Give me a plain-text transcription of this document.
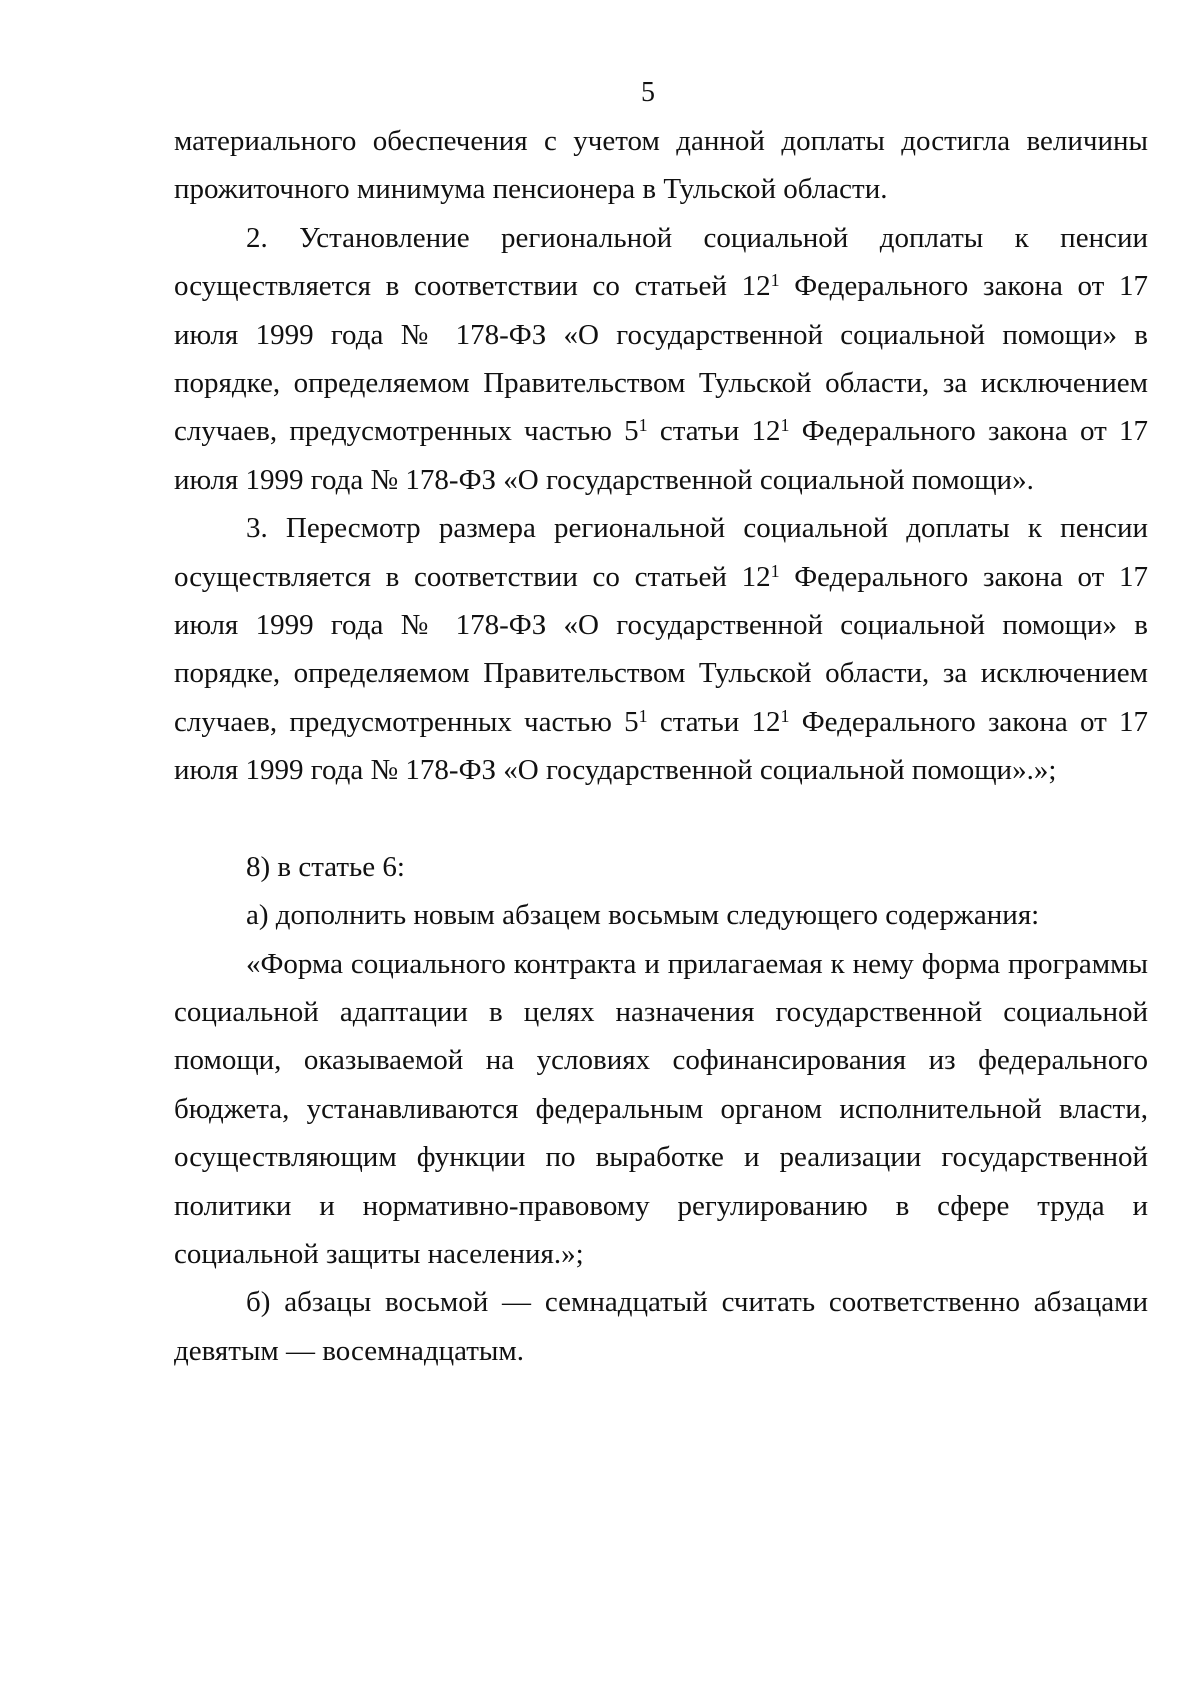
5

материального обеспечения с учетом данной доплаты достигла величины прожиточного минимума пенсионера в Тульской области.

2. Установление региональной социальной доплаты к пенсии осуществляется в соответствии со статьей $12^1$ Федерального закона от 17 июля 1999 года № 178-ФЗ «О государственной социальной помощи» в порядке, определяемом Правительством Тульской области, за исключением случаев, предусмотренных частью $5^1$ статьи $12^1$ Федерального закона от 17 июля 1999 года № 178-ФЗ «О государственной социальной помощи».

3. Пересмотр размера региональной социальной доплаты к пенсии осуществляется в соответствии со статьей $12^1$ Федерального закона от 17 июля 1999 года № 178-ФЗ «О государственной социальной помощи» в порядке, определяемом Правительством Тульской области, за исключением случаев, предусмотренных частью $5^1$ статьи $12^1$ Федерального закона от 17 июля 1999 года № 178-ФЗ «О государственной социальной помощи».»;

8) в статье 6:

а) дополнить новым абзацем восьмым следующего содержания:

«Форма социального контракта и прилагаемая к нему форма программы социальной адаптации в целях назначения государственной социальной помощи, оказываемой на условиях софинансирования из федерального бюджета, устанавливаются федеральным органом исполнительной власти, осуществляющим функции по выработке и реализации государственной политики и нормативно-правовому регулированию в сфере труда и социальной защиты населения.»;

б) абзацы восьмой — семнадцатый считать соответственно абзацами девятым — восемнадцатым.
